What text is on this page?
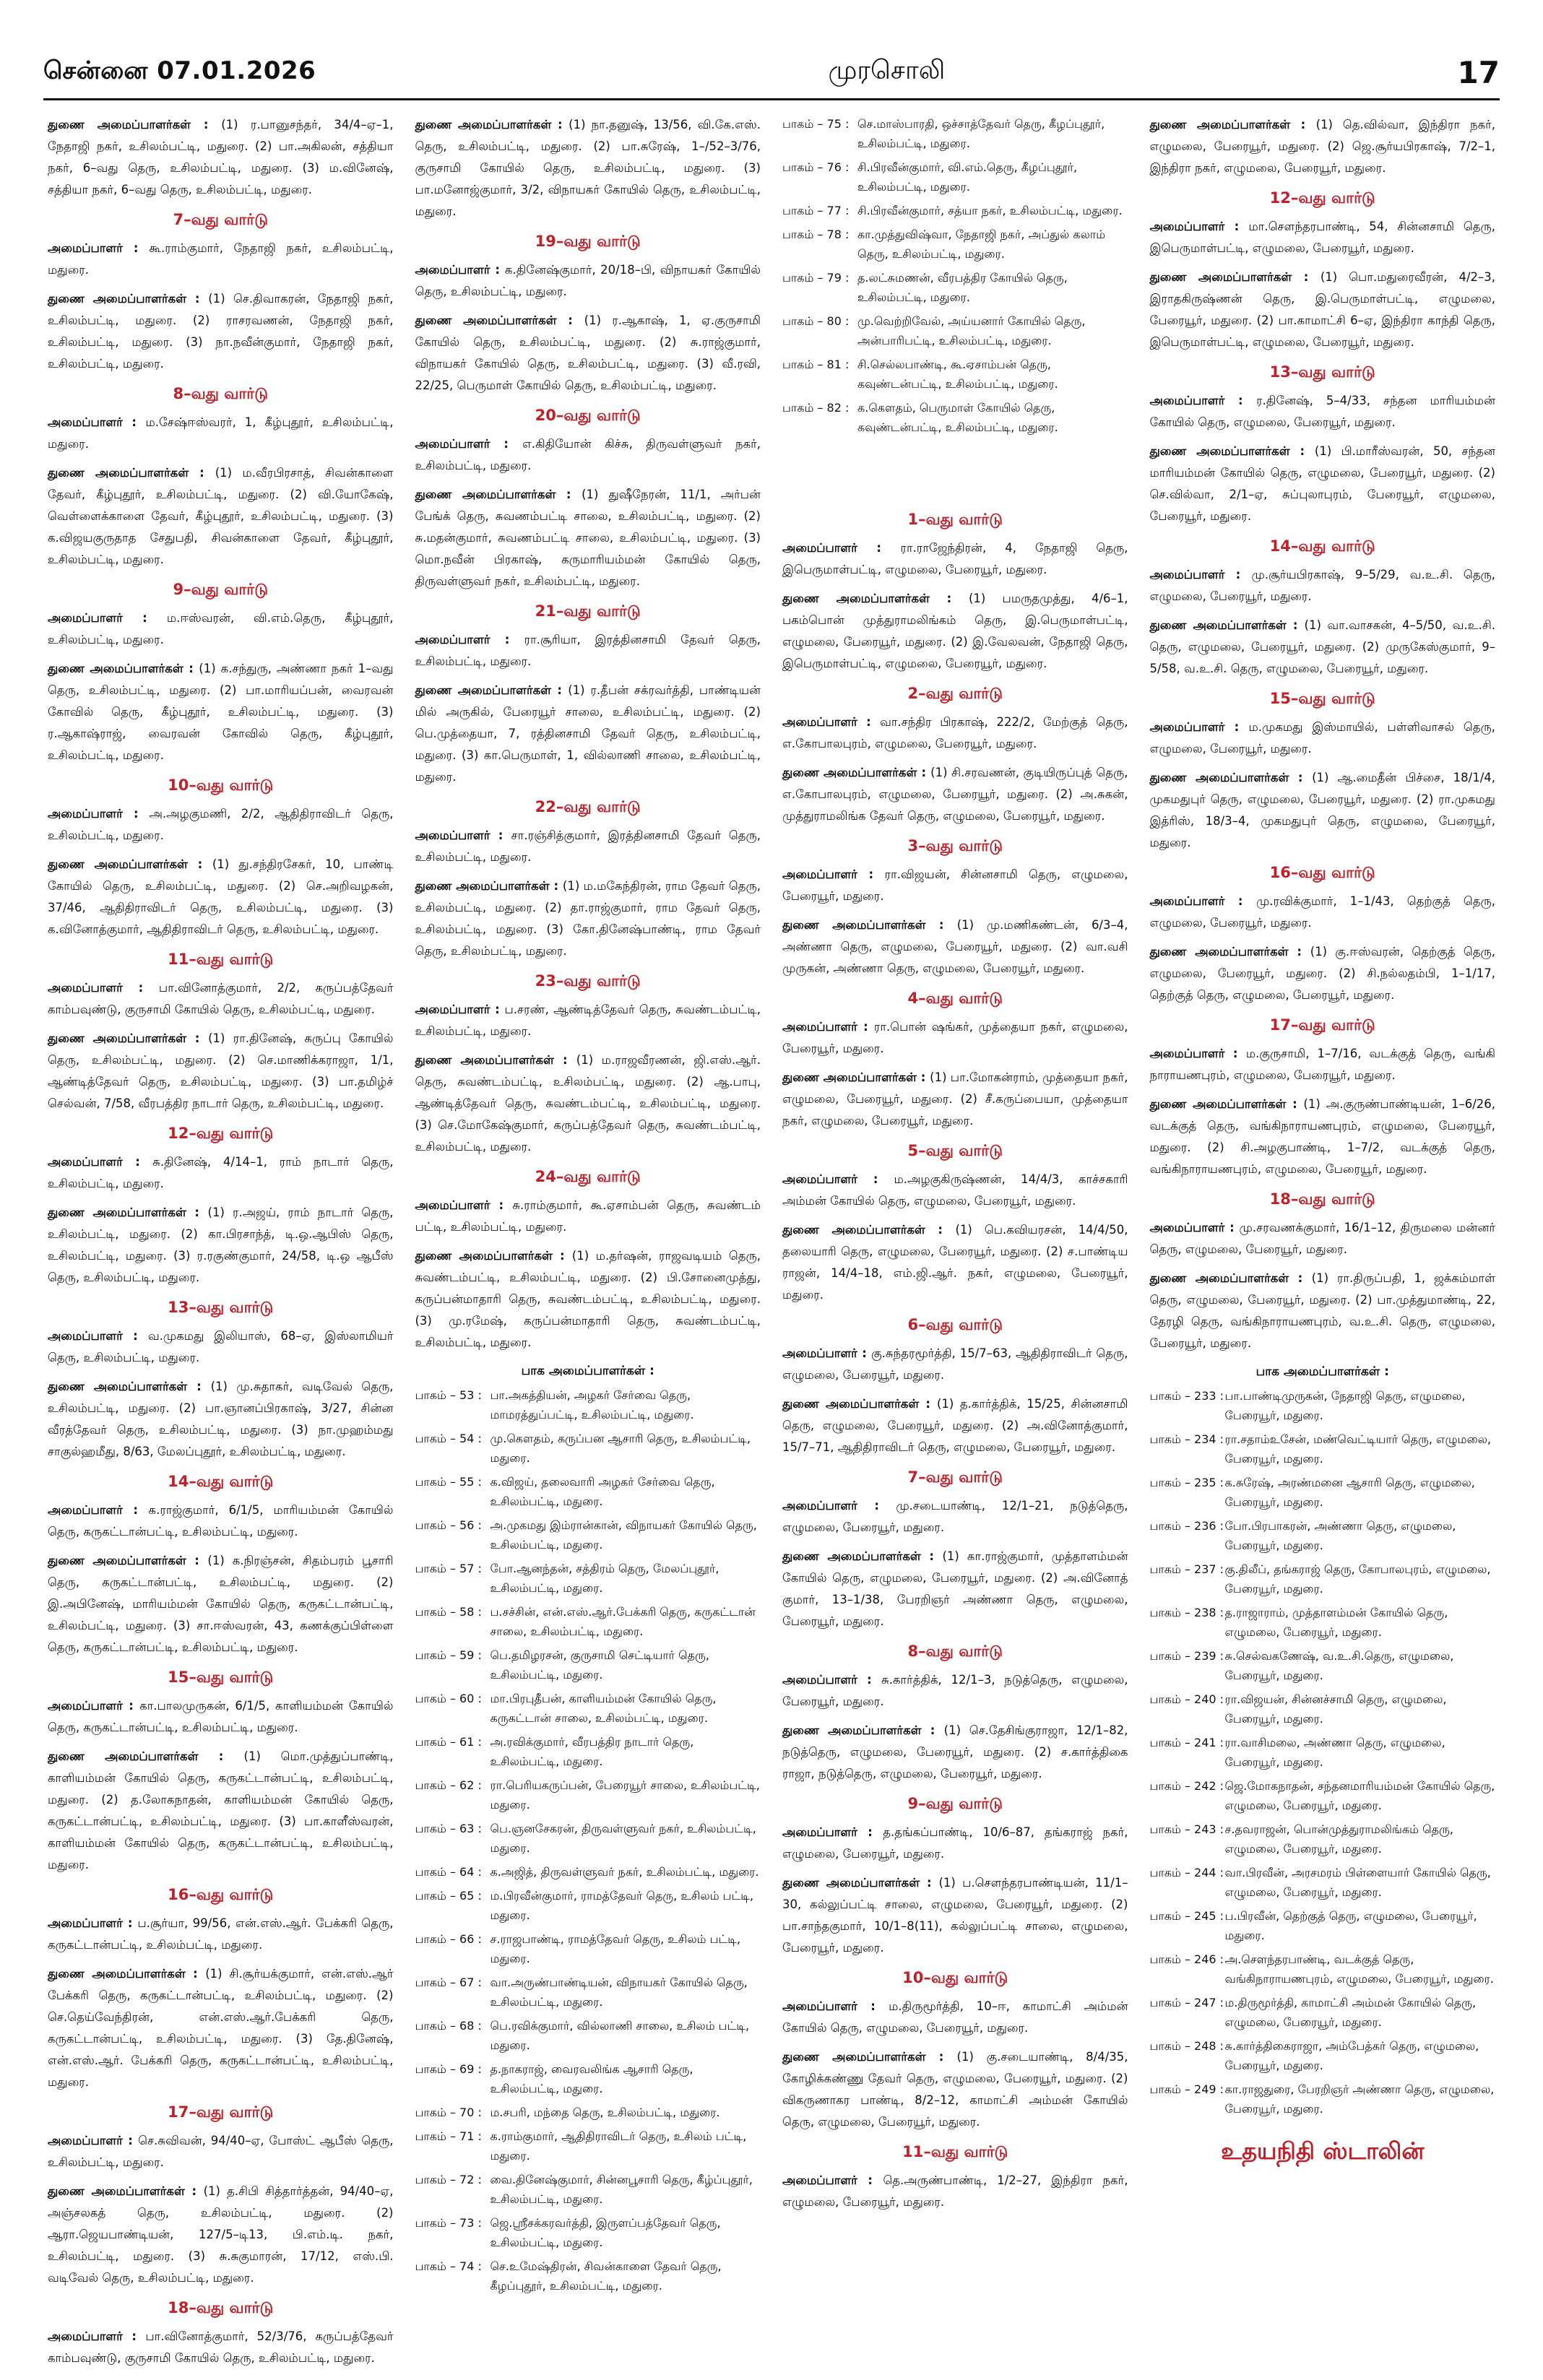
சென்னை 07.01.2026	முரசொலி	17
துணை அமைப்பாளர்கள் : (1) ர.பானுசந்தர், 34/4–ஏ–1, நேதாஜி நகர், உசிலம்பட்டி, மதுரை. (2) பா.அகிலன், சத்தியா நகர், 6–வது தெரு, உசிலம்பட்டி, மதுரை. (3) ம.வினேஷ், சத்தியா நகர், 6–வது தெரு, உசிலம்பட்டி, மதுரை.
7–வது வார்டு
அமைப்பாளர் : கூ.ராம்குமார், நேதாஜி நகர், உசிலம்பட்டி, மதுரை.
துணை அமைப்பாளர்கள் : (1) செ.திவாகரன், நேதாஜி நகர், உசிலம்பட்டி, மதுரை. (2) ராசரவணன், நேதாஜி நகர், உசிலம்பட்டி, மதுரை. (3) நா.நவீன்குமார், நேதாஜி நகர், உசிலம்பட்டி, மதுரை.
8–வது வார்டு
அமைப்பாளர் : ம.சேஷ்ஈஸ்வரர், 1, கீழ்புதூர், உசிலம்பட்டி, மதுரை.
துணை அமைப்பாளர்கள் : (1) ம.வீரபிரசாத், சிவன்காளை தேவர், கீழ்புதூர், உசிலம்பட்டி, மதுரை. (2) வி.யோகேஷ், வெள்ளைக்காளை தேவர், கீழ்புதூர், உசிலம்பட்டி, மதுரை. (3) க.விஜயகுருதாத சேதுபதி, சிவன்காளை தேவர், கீழ்புதூர், உசிலம்பட்டி, மதுரை.
9–வது வார்டு
அமைப்பாளர் : ம.ஈஸ்வரன், வி.எம்.தெரு, கீழ்புதூர், உசிலம்பட்டி, மதுரை.
துணை அமைப்பாளர்கள் : (1) க.சந்துரு, அண்ணா நகர் 1–வது தெரு, உசிலம்பட்டி, மதுரை. (2) பா.மாரியப்பன், வைரவன் கோவில் தெரு, கீழ்புதூர், உசிலம்பட்டி, மதுரை. (3) ர.ஆகாஷ்ராஜ், வைரவன் கோவில் தெரு, கீழ்புதூர், உசிலம்பட்டி, மதுரை.
10–வது வார்டு
அமைப்பாளர் : அ.அழகுமணி, 2/2, ஆதிதிராவிடர் தெரு, உசிலம்பட்டி, மதுரை.
துணை அமைப்பாளர்கள் : (1) து.சந்திரசேகர், 10, பாண்டி கோயில் தெரு, உசிலம்பட்டி, மதுரை. (2) செ.அறிவழகன், 37/46, ஆதிதிராவிடர் தெரு, உசிலம்பட்டி, மதுரை. (3) க.வினோத்குமார், ஆதிதிராவிடர் தெரு, உசிலம்பட்டி, மதுரை.
11–வது வார்டு
அமைப்பாளர் : பா.வினோத்குமார், 2/2, கருப்பத்தேவர் காம்பவுண்டு, குருசாமி கோயில் தெரு, உசிலம்பட்டி, மதுரை.
துணை அமைப்பாளர்கள் : (1) ரா.தினேஷ், கருப்பு கோயில் தெரு, உசிலம்பட்டி, மதுரை. (2) செ.மாணிக்கராஜா, 1/1, ஆண்டித்தேவர் தெரு, உசிலம்பட்டி, மதுரை. (3) பா.தமிழ்ச் செல்வன், 7/58, வீரபத்திர நாடார் தெரு, உசிலம்பட்டி, மதுரை.
12–வது வார்டு
அமைப்பாளர் : சு.தினேஷ், 4/14–1, ராம் நாடார் தெரு, உசிலம்பட்டி, மதுரை.
துணை அமைப்பாளர்கள் : (1) ர.அஜய், ராம் நாடார் தெரு, உசிலம்பட்டி, மதுரை. (2) கா.பிரசாந்த், டி.ஒ.ஆபிஸ் தெரு, உசிலம்பட்டி, மதுரை. (3) ர.ரகுண்குமார், 24/58, டி.ஒ ஆபீஸ் தெரு, உசிலம்பட்டி, மதுரை.
13–வது வார்டு
அமைப்பாளர் : வ.முகமது இலியாஸ், 68–ஏ, இஸ்லாமியர் தெரு, உசிலம்பட்டி, மதுரை.
துணை அமைப்பாளர்கள் : (1) மு.சுதாகர், வடிவேல் தெரு, உசிலம்பட்டி, மதுரை. (2) பா.ஞானப்பிரகாஷ், 3/27, சின்ன வீரத்தேவர் தெரு, உசிலம்பட்டி, மதுரை. (3) நா.முஹம்மது சாகுல்ஹமீது, 8/63, மேலப்புதூர், உசிலம்பட்டி, மதுரை.
14–வது வார்டு
அமைப்பாளர் : க.ராஜ்குமார், 6/1/5, மாரியம்மன் கோயில் தெரு, கருகட்டான்பட்டி, உசிலம்பட்டி, மதுரை.
துணை அமைப்பாளர்கள் : (1) க.நிரஞ்சன், சிதம்பரம் பூசாரி தெரு, கருகட்டான்பட்டி, உசிலம்பட்டி, மதுரை. (2) இ.அபினேஷ், மாரியம்மன் கோயில் தெரு, கருகட்டான்பட்டி, உசிலம்பட்டி, மதுரை. (3) சா.ஈஸ்வரன், 43, கணக்குப்பிள்ளை தெரு, கருகட்டான்பட்டி, உசிலம்பட்டி, மதுரை.
15–வது வார்டு
அமைப்பாளர் : கா.பாலமுருகன், 6/1/5, காளியம்மன் கோயில் தெரு, கருகட்டான்பட்டி, உசிலம்பட்டி, மதுரை.
துணை அமைப்பாளர்கள் : (1) மொ.முத்துப்பாண்டி, காளியம்மன் கோயில் தெரு, கருகட்டான்பட்டி, உசிலம்பட்டி, மதுரை. (2) த.லோகநாதன், காளியம்மன் கோயில் தெரு, கருகட்டான்பட்டி, உசிலம்பட்டி, மதுரை. (3) பா.காளீஸ்வரன், காளியம்மன் கோயில் தெரு, கருகட்டான்பட்டி, உசிலம்பட்டி, மதுரை.
16–வது வார்டு
அமைப்பாளர் : ப.சூர்யா, 99/56, என்.எஸ்.ஆர். பேக்கரி தெரு, கருகட்டான்பட்டி, உசிலம்பட்டி, மதுரை.
துணை அமைப்பாளர்கள் : (1) சி.சூர்யக்குமார், என்.எஸ்.ஆர் பேக்கரி தெரு, கருகட்டான்பட்டி, உசிலம்பட்டி, மதுரை. (2) செ.தெய்வேந்திரன், என்.எஸ்.ஆர்.பேக்கரி தெரு, கருகட்டான்பட்டி, உசிலம்பட்டி, மதுரை. (3) தே.தினேஷ், என்.எஸ்.ஆர். பேக்கரி தெரு, கருகட்டான்பட்டி, உசிலம்பட்டி, மதுரை.
17–வது வார்டு
அமைப்பாளர் : செ.சுவிவன், 94/40–ஏ, போஸ்ட் ஆபீஸ் தெரு, உசிலம்பட்டி, மதுரை.
துணை அமைப்பாளர்கள் : (1) த.சிபி சித்தார்த்தன், 94/40–ஏ, அஞ்சலகத் தெரு, உசிலம்பட்டி, மதுரை. (2) ஆரா.ஜெயபாண்டியன், 127/5–டி13, பி.எம்.டி. நகர், உசிலம்பட்டி, மதுரை. (3) சு.சுகுமாரன், 17/12, எஸ்.பி. வடிவேல் தெரு, உசிலம்பட்டி, மதுரை.
18–வது வார்டு
அமைப்பாளர் : பா.வினோத்குமார், 52/3/76, கருப்பத்தேவர் காம்பவுண்டு, குருசாமி கோயில் தெரு, உசிலம்பட்டி, மதுரை.
துணை அமைப்பாளர்கள் : (1) நா.தனுஷ், 13/56, வி.கே.எஸ். தெரு, உசிலம்பட்டி, மதுரை. (2) பா.சுரேஷ், 1–/52–3/76, குருசாமி கோயில் தெரு, உசிலம்பட்டி, மதுரை. (3) பா.மனோஜ்குமார், 3/2, விநாயகர் கோயில் தெரு, உசிலம்பட்டி, மதுரை.
19–வது வார்டு
அமைப்பாளர் : க.தினேஷ்குமார், 20/18–பி, விநாயகர் கோயில் தெரு, உசிலம்பட்டி, மதுரை.
துணை அமைப்பாளர்கள் : (1) ர.ஆகாஷ், 1, ஏ.குருசாமி கோயில் தெரு, உசிலம்பட்டி, மதுரை. (2) சு.ராஜ்குமார், விநாயகர் கோயில் தெரு, உசிலம்பட்டி, மதுரை. (3) வீ.ரவி, 22/25, பெருமாள் கோயில் தெரு, உசிலம்பட்டி, மதுரை.
20–வது வார்டு
அமைப்பாளர் : எ.கிதியோன் கிச்சு, திருவள்ளுவர் நகர், உசிலம்பட்டி, மதுரை.
துணை அமைப்பாளர்கள் : (1) துஷீநேரன், 11/1, அர்பன் பேங்க் தெரு, சுவணம்பட்டி சாலை, உசிலம்பட்டி, மதுரை. (2) சு.மதன்குமார், சுவணம்பட்டி சாலை, உசிலம்பட்டி, மதுரை. (3) மொ.நவீன் பிரகாஷ், கருமாரியம்மன் கோயில் தெரு, திருவள்ளுவர் நகர், உசிலம்பட்டி, மதுரை.
21–வது வார்டு
அமைப்பாளர் : ரா.சூரியா, இரத்தினசாமி தேவர் தெரு, உசிலம்பட்டி, மதுரை.
துணை அமைப்பாளர்கள் : (1) ர.தீபன் சக்ரவர்த்தி, பாண்டியன் மில் அருகில், பேரையூர் சாலை, உசிலம்பட்டி, மதுரை. (2) பெ.முத்தையா, 7, ரத்தினசாமி தேவர் தெரு, உசிலம்பட்டி, மதுரை. (3) கா.பெருமாள், 1, வில்லாணி சாலை, உசிலம்பட்டி, மதுரை.
22–வது வார்டு
அமைப்பாளர் : சா.ரஞ்சித்குமார், இரத்தினசாமி தேவர் தெரு, உசிலம்பட்டி, மதுரை.
துணை அமைப்பாளர்கள் : (1) ம.மகேந்திரன், ராம தேவர் தெரு, உசிலம்பட்டி, மதுரை. (2) தா.ராஜ்குமார், ராம தேவர் தெரு, உசிலம்பட்டி, மதுரை. (3) கோ.தினேஷ்பாண்டி, ராம தேவர் தெரு, உசிலம்பட்டி, மதுரை.
23–வது வார்டு
அமைப்பாளர் : ப.சரண், ஆண்டித்தேவர் தெரு, சுவண்டம்பட்டி, உசிலம்பட்டி, மதுரை.
துணை அமைப்பாளர்கள் : (1) ம.ராஜவீரணன், ஜி.எஸ்.ஆர். தெரு, சுவண்டம்பட்டி, உசிலம்பட்டி, மதுரை. (2) ஆ.பாபு, ஆண்டித்தேவர் தெரு, சுவண்டம்பட்டி, உசிலம்பட்டி, மதுரை. (3) செ.மோகேஷ்குமார், கருப்பத்தேவர் தெரு, சுவண்டம்பட்டி, உசிலம்பட்டி, மதுரை.
24–வது வார்டு
அமைப்பாளர் : சு.ராம்குமார், கூ.ஏசாம்பன் தெரு, சுவண்டம் பட்டி, உசிலம்பட்டி, மதுரை.
துணை அமைப்பாளர்கள் : (1) ம.தர்ஷன், ராஜவடியம் தெரு, சுவண்டம்பட்டி, உசிலம்பட்டி, மதுரை. (2) பி.சோனைமுத்து, கருப்பன்மாதாரி தெரு, சுவண்டம்பட்டி, உசிலம்பட்டி, மதுரை. (3) மு.ரமேஷ், கருப்பன்மாதாரி தெரு, சுவண்டம்பட்டி, உசிலம்பட்டி, மதுரை.
பாக அமைப்பாளர்கள் :
பாகம் – 53 : பா.அகத்தியன், அழகர் சேர்வை தெரு, மாமரத்துப்பட்டி, உசிலம்பட்டி, மதுரை.
பாகம் – 54 : மு.கௌதம், கருப்பன ஆசாரி தெரு, உசிலம்பட்டி, மதுரை.
பாகம் – 55 : க.விஜய், தலைவாரி அழகர் சேர்வை தெரு, உசிலம்பட்டி, மதுரை.
பாகம் – 56 : அ.முகமது இம்ரான்கான், விநாயகர் கோயில் தெரு, உசிலம்பட்டி, மதுரை.
பாகம் – 57 : போ.ஆனந்தன், சத்திரம் தெரு, மேலப்புதூர், உசிலம்பட்டி, மதுரை.
பாகம் – 58 : ப.சச்சின், என்.எஸ்.ஆர்.பேக்கரி தெரு, கருகட்டான் சாலை, உசிலம்பட்டி, மதுரை.
பாகம் – 59 : பெ.தமிழரசன், குருசாமி செட்டியார் தெரு, உசிலம்பட்டி, மதுரை.
பாகம் – 60 : மா.பிரபுதீபன், காளியம்மன் கோயில் தெரு, கருகட்டான் சாலை, உசிலம்பட்டி, மதுரை.
பாகம் – 61 : அ.ரவிக்குமார், வீரபத்திர நாடார் தெரு, உசிலம்பட்டி, மதுரை.
பாகம் – 62 : ரா.பெரியகருப்பன், பேரையூர் சாலை, உசிலம்பட்டி, மதுரை.
பாகம் – 63 : பெ.ஞனசேகரன், திருவள்ளுவர் நகர், உசிலம்பட்டி, மதுரை.
பாகம் – 64 : க.அஜித், திருவள்ளுவர் நகர், உசிலம்பட்டி, மதுரை.
பாகம் – 65 : ம.பிரவீன்குமார், ராமத்தேவர் தெரு, உசிலம் பட்டி, மதுரை.
பாகம் – 66 : ச.ராஜபாண்டி, ராமத்தேவர் தெரு, உசிலம் பட்டி, மதுரை.
பாகம் – 67 : வா.அருண்பாண்டியன், விநாயகர் கோயில் தெரு, உசிலம்பட்டி, மதுரை.
பாகம் – 68 : பெ.ரவிக்குமார், வில்லாணி சாலை, உசிலம் பட்டி, மதுரை.
பாகம் – 69 : த.நாகராஜ், வைரவலிங்க ஆசாரி தெரு, உசிலம்பட்டி, மதுரை.
பாகம் – 70 : ம.சபரி, மந்தை தெரு, உசிலம்பட்டி, மதுரை.
பாகம் – 71 : க.ராம்குமார், ஆதிதிராவிடர் தெரு, உசிலம் பட்டி, மதுரை.
பாகம் – 72 : வை.தினேஷ்குமார், சின்னபூசாரி தெரு, கீழ்ப்புதூர், உசிலம்பட்டி, மதுரை.
பாகம் – 73 : ஜெ.ஸ்ரீசக்கரவர்த்தி, இருளப்பத்தேவர் தெரு, உசிலம்பட்டி, மதுரை.
பாகம் – 74 : செ.உமேஷ்திரன், சிவன்காளை தேவர் தெரு, கீழப்புதூர், உசிலம்பட்டி, மதுரை.
பாகம் – 75 : செ.மாஸ்பாரதி, ஒச்சாத்தேவர் தெரு, கீழப்புதூர், உசிலம்பட்டி, மதுரை.
பாகம் – 76 : சி.பிரவீன்குமார், வி.எம்.தெரு, கீழப்புதூர், உசிலம்பட்டி, மதுரை.
பாகம் – 77 : சி.பிரவீன்குமார், சத்யா நகர், உசிலம்பட்டி, மதுரை.
பாகம் – 78 : கா.முத்துவிஷ்வா, நேதாஜி நகர், அப்துல் கலாம் தெரு, உசிலம்பட்டி, மதுரை.
பாகம் – 79 : த.லட்சுமணன், வீரபத்திர கோயில் தெரு, உசிலம்பட்டி, மதுரை.
பாகம் – 80 : மு.வெற்றிவேல், அய்யனார் கோயில் தெரு, அன்பாரிபட்டி, உசிலம்பட்டி, மதுரை.
பாகம் – 81 : சி.செல்லபாண்டி, கூ.ஏசாம்பன் தெரு, கவுண்டன்பட்டி, உசிலம்பட்டி, மதுரை.
பாகம் – 82 : க.கௌதம், பெருமாள் கோயில் தெரு, கவுண்டன்பட்டி, உசிலம்பட்டி, மதுரை.
1–வது வார்டு
அமைப்பாளர் : ரா.ராஜேந்திரன், 4, நேதாஜி தெரு, இபெருமாள்பட்டி, எழுமலை, பேரையூர், மதுரை.
துணை அமைப்பாளர்கள் : (1) பமருதமுத்து, 4/6–1, பகம்பொன் முத்துராமலிங்கம் தெரு, இ.பெருமாள்பட்டி, எழுமலை, பேரையூர், மதுரை. (2) இ.வேலவன், நேதாஜி தெரு, இபெருமாள்பட்டி, எழுமலை, பேரையூர், மதுரை.
2–வது வார்டு
அமைப்பாளர் : வா.சந்திர பிரகாஷ், 222/2, மேற்குத் தெரு, எ.கோபாலபுரம், எழுமலை, பேரையூர், மதுரை.
துணை அமைப்பாளர்கள் : (1) சி.சரவணன், குடியிருப்புத் தெரு, எ.கோபாலபுரம், எழுமலை, பேரையூர், மதுரை. (2) அ.சுகன், முத்துராமலிங்க தேவர் தெரு, எழுமலை, பேரையூர், மதுரை.
3–வது வார்டு
அமைப்பாளர் : ரா.விஜயன், சின்னசாமி தெரு, எழுமலை, பேரையூர், மதுரை.
துணை அமைப்பாளர்கள் : (1) மு.மணிகண்டன், 6/3–4, அண்ணா தெரு, எழுமலை, பேரையூர், மதுரை. (2) வா.வசி முருகன், அண்ணா தெரு, எழுமலை, பேரையூர், மதுரை.
4–வது வார்டு
அமைப்பாளர் : ரா.பொன் ஷங்கர், முத்தையா நகர், எழுமலை, பேரையூர், மதுரை.
துணை அமைப்பாளர்கள் : (1) பா.மோகன்ராம், முத்தையா நகர், எழுமலை, பேரையூர், மதுரை. (2) சீ.கருப்பையா, முத்தையா நகர், எழுமலை, பேரையூர், மதுரை.
5–வது வார்டு
அமைப்பாளர் : ம.அழகுகிருஷ்ணன், 14/4/3, காச்சகாரி அம்மன் கோயில் தெரு, எழுமலை, பேரையூர், மதுரை.
துணை அமைப்பாளர்கள் : (1) பெ.கவியரசன், 14/4/50, தலையாரி தெரு, எழுமலை, பேரையூர், மதுரை. (2) ச.பாண்டிய ராஜன், 14/4–18, எம்.ஜி.ஆர். நகர், எழுமலை, பேரையூர், மதுரை.
6–வது வார்டு
அமைப்பாளர் : கு.சுந்தரமூர்த்தி, 15/7–63, ஆதிதிராவிடர் தெரு, எழுமலை, பேரையூர், மதுரை.
துணை அமைப்பாளர்கள் : (1) த.கார்த்திக், 15/25, சின்னசாமி தெரு, எழுமலை, பேரையூர், மதுரை. (2) அ.வினோத்குமார், 15/7–71, ஆதிதிராவிடர் தெரு, எழுமலை, பேரையூர், மதுரை.
7–வது வார்டு
அமைப்பாளர் : மு.சடையாண்டி, 12/1–21, நடுத்தெரு, எழுமலை, பேரையூர், மதுரை.
துணை அமைப்பாளர்கள் : (1) கா.ராஜ்குமார், முத்தாளம்மன் கோயில் தெரு, எழுமலை, பேரையூர், மதுரை. (2) அ.வினோத் குமார், 13–1/38, பேரறிஞர் அண்ணா தெரு, எழுமலை, பேரையூர், மதுரை.
8–வது வார்டு
அமைப்பாளர் : சு.கார்த்திக், 12/1–3, நடுத்தெரு, எழுமலை, பேரையூர், மதுரை.
துணை அமைப்பாளர்கள் : (1) செ.தேசிங்குராஜா, 12/1–82, நடுத்தெரு, எழுமலை, பேரையூர், மதுரை. (2) ச.கார்த்திகை ராஜா, நடுத்தெரு, எழுமலை, பேரையூர், மதுரை.
9–வது வார்டு
அமைப்பாளர் : த.தங்கப்பாண்டி, 10/6–87, தங்கராஜ் நகர், எழுமலை, பேரையூர், மதுரை.
துணை அமைப்பாளர்கள் : (1) ப.சௌந்தரபாண்டியன், 11/1–30, கல்லுப்பட்டி சாலை, எழுமலை, பேரையூர், மதுரை. (2) பா.சாந்தகுமார், 10/1–8(11), கல்லுப்பட்டி சாலை, எழுமலை, பேரையூர், மதுரை.
10–வது வார்டு
அமைப்பாளர் : ம.திருமூர்த்தி, 10–ஈ, காமாட்சி அம்மன் கோயில் தெரு, எழுமலை, பேரையூர், மதுரை.
துணை அமைப்பாளர்கள் : (1) கு.சடையாண்டி, 8/4/35, கோழிக்கண்ணு தேவர் தெரு, எழுமலை, பேரையூர், மதுரை. (2) விகருணாகர பாண்டி, 8/2–12, காமாட்சி அம்மன் கோயில் தெரு, எழுமலை, பேரையூர், மதுரை.
11–வது வார்டு
அமைப்பாளர் : தெ.அருண்பாண்டி, 1/2–27, இந்திரா நகர், எழுமலை, பேரையூர், மதுரை.
துணை அமைப்பாளர்கள் : (1) தெ.வில்வா, இந்திரா நகர், எழுமலை, பேரையூர், மதுரை. (2) ஜெ.சூர்யபிரகாஷ், 7/2–1, இந்திரா நகர், எழுமலை, பேரையூர், மதுரை.
12–வது வார்டு
அமைப்பாளர் : மா.சௌந்தரபாண்டி, 54, சின்னசாமி தெரு, இபெருமாள்பட்டி, எழுமலை, பேரையூர், மதுரை.
துணை அமைப்பாளர்கள் : (1) பொ.மதுரைவீரன், 4/2–3, இராதகிருஷ்ணன் தெரு, இ.பெருமாள்பட்டி, எழுமலை, பேரையூர், மதுரை. (2) பா.காமாட்சி 6–ஏ, இந்திரா காந்தி தெரு, இபெருமாள்பட்டி, எழுமலை, பேரையூர், மதுரை.
13–வது வார்டு
அமைப்பாளர் : ர.தினேஷ், 5–4/33, சந்தன மாரியம்மன் கோயில் தெரு, எழுமலை, பேரையூர், மதுரை.
துணை அமைப்பாளர்கள் : (1) பி.மாரீஸ்வரன், 50, சந்தன மாரியம்மன் கோயில் தெரு, எழுமலை, பேரையூர், மதுரை. (2) செ.வில்வா, 2/1–ஏ, சுப்புலாபுரம், பேரையூர், எழுமலை, பேரையூர், மதுரை.
14–வது வார்டு
அமைப்பாளர் : மு.சூர்யபிரகாஷ், 9–5/29, வ.உ.சி. தெரு, எழுமலை, பேரையூர், மதுரை.
துணை அமைப்பாளர்கள் : (1) வா.வாசகன், 4–5/50, வ.உ.சி. தெரு, எழுமலை, பேரையூர், மதுரை. (2) முருகேஸ்குமார், 9–5/58, வ.உ.சி. தெரு, எழுமலை, பேரையூர், மதுரை.
15–வது வார்டு
அமைப்பாளர் : ம.முகமது இஸ்மாயில், பள்ளிவாசல் தெரு, எழுமலை, பேரையூர், மதுரை.
துணை அமைப்பாளர்கள் : (1) ஆ.மைதீன் பிச்சை, 18/1/4, முகமதுபுர் தெரு, எழுமலை, பேரையூர், மதுரை. (2) ரா.முகமது இத்ரிஸ், 18/3–4, முகமதுபுர் தெரு, எழுமலை, பேரையூர், மதுரை.
16–வது வார்டு
அமைப்பாளர் : மு.ரவிக்குமார், 1–1/43, தெற்குத் தெரு, எழுமலை, பேரையூர், மதுரை.
துணை அமைப்பாளர்கள் : (1) கு.ஈஸ்வரன், தெற்குத் தெரு, எழுமலை, பேரையூர், மதுரை. (2) சி.நல்லதம்பி, 1–1/17, தெற்குத் தெரு, எழுமலை, பேரையூர், மதுரை.
17–வது வார்டு
அமைப்பாளர் : ம.குருசாமி, 1–7/16, வடக்குத் தெரு, வங்கி நாராயணபுரம், எழுமலை, பேரையூர், மதுரை.
துணை அமைப்பாளர்கள் : (1) அ.குருண்பாண்டியன், 1–6/26, வடக்குத் தெரு, வங்கிநாராயணபுரம், எழுமலை, பேரையூர், மதுரை. (2) சி.அழகுபாண்டி, 1–7/2, வடக்குத் தெரு, வங்கிநாராயணபுரம், எழுமலை, பேரையூர், மதுரை.
18–வது வார்டு
அமைப்பாளர் : மு.சரவணக்குமார், 16/1–12, திருமலை மன்னர் தெரு, எழுமலை, பேரையூர், மதுரை.
துணை அமைப்பாளர்கள் : (1) ரா.திருப்பதி, 1, ஜக்கம்மாள் தெரு, எழுமலை, பேரையூர், மதுரை. (2) பா.முத்துமாண்டி, 22, தேரழி தெரு, வங்கிநாராயணபுரம், வ.உ.சி. தெரு, எழுமலை, பேரையூர், மதுரை.
பாக அமைப்பாளர்கள் :
பாகம் – 233 : பா.பாண்டிமுருகன், நேதாஜி தெரு, எழுமலை, பேரையூர், மதுரை.
பாகம் – 234 : ரா.சதாம்உசேன், மண்வெட்டியார் தெரு, எழுமலை, பேரையூர், மதுரை.
பாகம் – 235 : க.சுரேஷ், அரண்மனை ஆசாரி தெரு, எழுமலை, பேரையூர், மதுரை.
பாகம் – 236 : போ.பிரபாகரன், அண்ணா தெரு, எழுமலை, பேரையூர், மதுரை.
பாகம் – 237 : கு.திலீப், தங்கராஜ் தெரு, கோபாலபுரம், எழுமலை, பேரையூர், மதுரை.
பாகம் – 238 : த.ராஜாராம், முத்தாளம்மன் கோயில் தெரு, எழுமலை, பேரையூர், மதுரை.
பாகம் – 239 : சு.செல்வகணேஷ், வ.உ.சி.தெரு, எழுமலை, பேரையூர், மதுரை.
பாகம் – 240 : ரா.விஜயன், சின்னச்சாமி தெரு, எழுமலை, பேரையூர், மதுரை.
பாகம் – 241 : ரா.வாசிமலை, அண்ணா தெரு, எழுமலை, பேரையூர், மதுரை.
பாகம் – 242 : ஜெ.மோகநாதன், சந்தனமாரியம்மன் கோயில் தெரு, எழுமலை, பேரையூர், மதுரை.
பாகம் – 243 : ச.தவராஜன், பொன்முத்துராமலிங்கம் தெரு, எழுமலை, பேரையூர், மதுரை.
பாகம் – 244 : வா.பிரவீன், அரசமரம் பிள்ளையார் கோயில் தெரு, எழுமலை, பேரையூர், மதுரை.
பாகம் – 245 : ப.பிரவீன், தெற்குத் தெரு, எழுமலை, பேரையூர், மதுரை.
பாகம் – 246 : அ.சௌந்தரபாண்டி, வடக்குத் தெரு, வங்கிநாராயணபுரம், எழுமலை, பேரையூர், மதுரை.
பாகம் – 247 : ம.திருமூர்த்தி, காமாட்சி அம்மன் கோயில் தெரு, எழுமலை, பேரையூர், மதுரை.
பாகம் – 248 : சு.கார்த்திகைராஜா, அம்பேத்கர் தெரு, எழுமலை, பேரையூர், மதுரை.
பாகம் – 249 : கா.ராஜதுரை, பேரறிஞர் அண்ணா தெரு, எழுமலை, பேரையூர், மதுரை.
உதயநிதி ஸ்டாலின்
